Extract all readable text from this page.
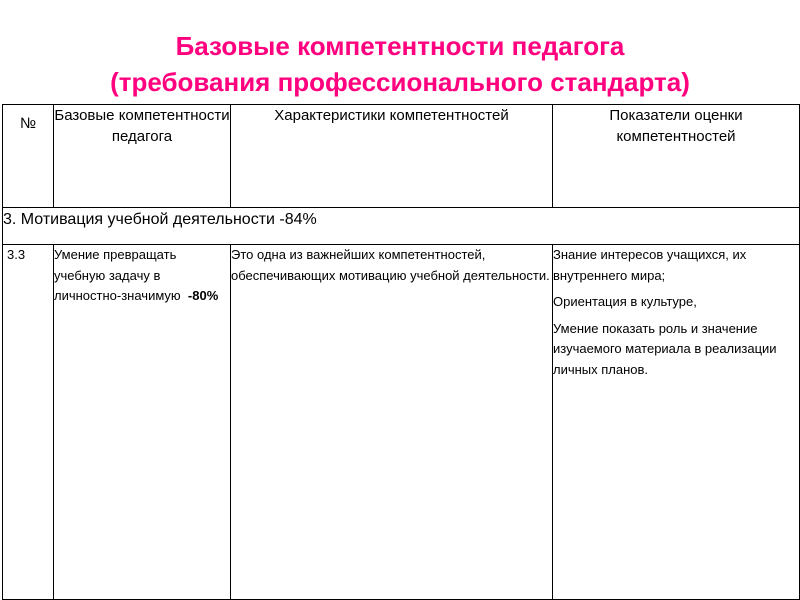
Базовые компетентности педагога
(требования профессионального стандарта)
№	Базовые компетентности педагога	Характеристики компетентностей	Показатели оценки компетентностей
3. Мотивация учебной деятельности -84%			
3.3	Умение превращать учебную задачу в личностно-значимую -80%	Это одна из важнейших компетентностей, обеспечивающих мотивацию учебной деятельности.	Знание интересов учащихся, их внутреннего мира;
Ориентация в культуре,
Умение показать роль и значение изучаемого материала в реализации личных планов.
